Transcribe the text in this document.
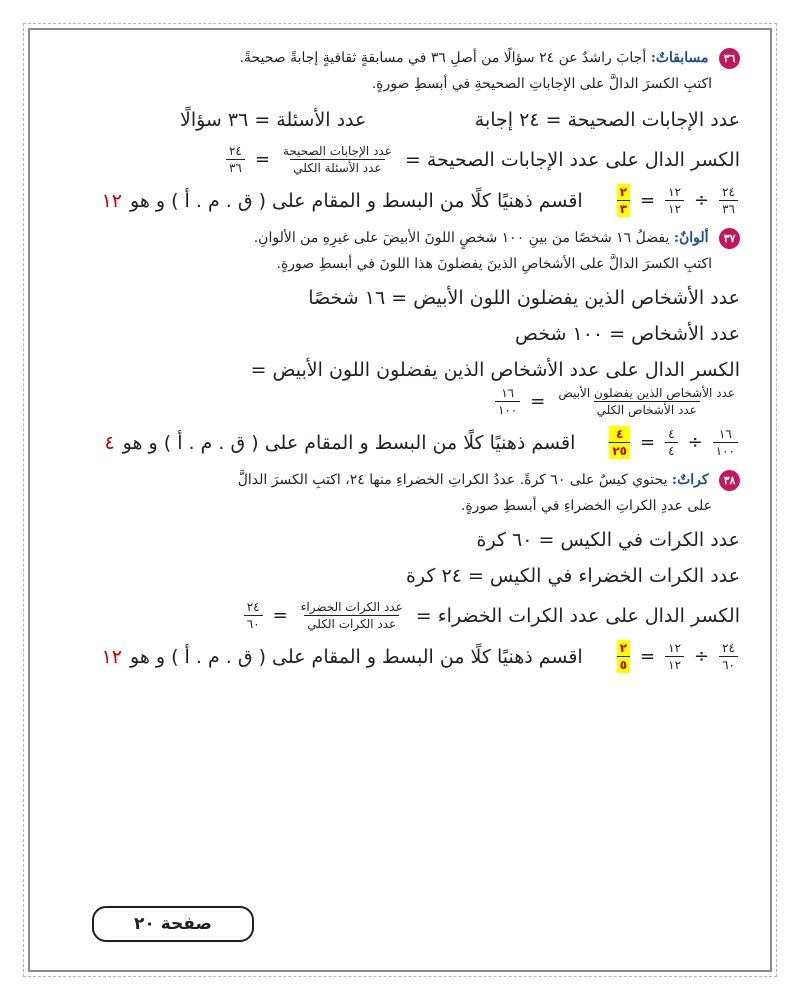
٣٦ مسابقاتٌ: أجابَ راشدٌ عن ٢٤ سؤالًا من أصلِ ٣٦ في مسابقةٍ ثقافيةٍ إجابةً صحيحةً.
اكتبِ الكسرَ الدالَّ على الإجاباتِ الصحيحةِ في أبسطِ صورةٍ.

عدد الإجابات الصحيحة = ٢٤ إجابة
عدد الأسئلة = ٣٦ سؤالًا
الكسر الدال على عدد الإجابات الصحيحة =
$\frac{\text{عدد الإجابات الصحيحة}}{\text{عدد الأسئلة الكلي}}$
=
$\frac{٢٤}{٣٦}$
$\frac{٢٤}{٣٦}$
÷
$\frac{١٢}{١٢}$
=
$\frac{٢}{٣}$
اقسم ذهنيًا كلًا من البسط و المقام على ( ق . م . أ ) و هو
١٢

٣٧ ألوانٌ: يفضلُ ١٦ شخصًا من بينِ ١٠٠ شخصٍ اللونَ الأبيضَ على غيرِهِ من الألوانِ.
اكتبِ الكسرَ الدالَّ على الأشخاصِ الذينَ يفضلونَ هذا اللونَ في أبسطِ صورةٍ.

عدد الأشخاص الذين يفضلون اللون الأبيض = ١٦ شخصًا
عدد الأشخاص = ١٠٠ شخص
الكسر الدال على عدد الأشخاص الذين يفضلون اللون الأبيض =
$\frac{\text{عدد الأشخاص الذين يفضلون الأبيض}}{\text{عدد الأشخاص الكلي}}$
=
$\frac{١٦}{١٠٠}$
$\frac{١٦}{١٠٠}$
÷
$\frac{٤}{٤}$
=
$\frac{٤}{٢٥}$
اقسم ذهنيًا كلًا من البسط و المقام على ( ق . م . أ ) و هو
٤

٣٨ كراتٌ: يحتوي كيسٌ على ٦٠ كرةً. عددُ الكراتِ الخضراءِ منها ٢٤، اكتبِ الكسرَ الدالَّ
على عددِ الكراتِ الخضراءِ في أبسطِ صورةٍ.

عدد الكرات في الكيس = ٦٠ كرة
عدد الكرات الخضراء في الكيس = ٢٤ كرة
الكسر الدال على عدد الكرات الخضراء =
$\frac{\text{عدد الكرات الخضراء}}{\text{عدد الكرات الكلي}}$
=
$\frac{٢٤}{٦٠}$
$\frac{٢٤}{٦٠}$
÷
$\frac{١٢}{١٢}$
=
$\frac{٢}{٥}$
اقسم ذهنيًا كلًا من البسط و المقام على ( ق . م . أ ) و هو
١٢
صفحة ٢٠
